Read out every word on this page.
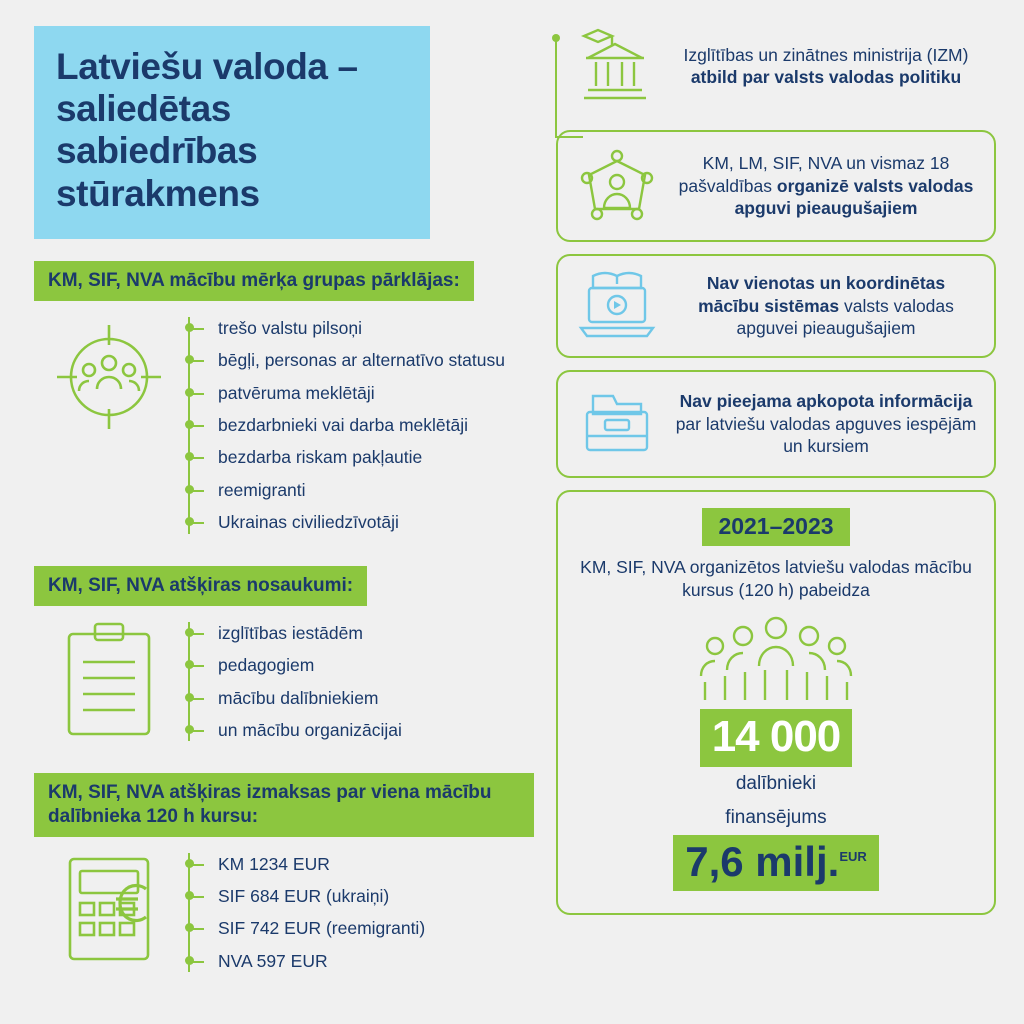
Latviešu valoda – saliedētas sabiedrības stūrakmens
KM, SIF, NVA mācību mērķa grupas pārklājas:
trešo valstu pilsoņi
bēgļi, personas ar alternatīvo statusu
patvēruma meklētāji
bezdarbnieki vai darba meklētāji
bezdarba riskam pakļautie
reemigranti
Ukrainas civiliedzīvotāji
KM, SIF, NVA atšķiras nosaukumi:
izglītības iestādēm
pedagogiem
mācību dalībniekiem
un mācību organizācijai
KM, SIF, NVA atšķiras izmaksas par viena mācību dalībnieka 120 h kursu:
KM 1234 EUR
SIF 684 EUR (ukraiņi)
SIF 742 EUR (reemigranti)
NVA 597 EUR
Izglītības un zinātnes ministrija (IZM) atbild par valsts valodas politiku
KM, LM, SIF, NVA un vismaz 18 pašvaldības organizē valsts valodas apguvi pieaugušajiem
Nav vienotas un koordinētas mācību sistēmas valsts valodas apguvei pieaugušajiem
Nav pieejama apkopota informācija par latviešu valodas apguves iespējām un kursiem
2021–2023
KM, SIF, NVA organizētos latviešu valodas mācību kursus (120 h) pabeidza
14 000
dalībnieki
finansējums
7,6 milj.$^{EUR}$
